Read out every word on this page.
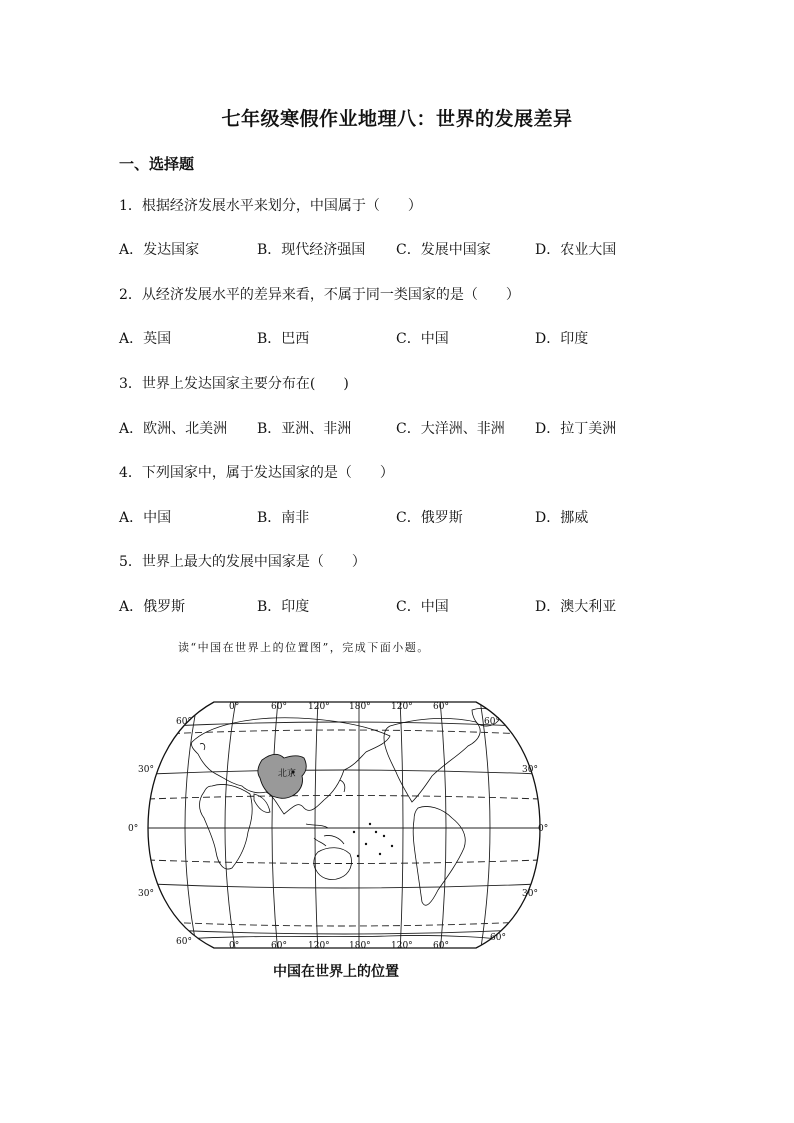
七年级寒假作业地理八：世界的发展差异
一、选择题
1．根据经济发展水平来划分，中国属于（　　）
A．发达国家	B．现代经济强国 C．发展中国家	D．农业大国
2．从经济发展水平的差异来看，不属于同一类国家的是（　　）
A．英国	B．巴西	C．中国	D．印度
3．世界上发达国家主要分布在(　　)
A．欧洲、北美洲 B．亚洲、非洲	C．大洋洲、非洲 D．拉丁美洲
4．下列国家中，属于发达国家的是（　　）
A．中国	B．南非	C．俄罗斯	D．挪威
5．世界上最大的发展中国家是（　　）
A．俄罗斯	B．印度	C．中国	D．澳大利亚
读“中国在世界上的位置图”，完成下面小题。
北京
0°	60° 120° 180° 120° 60°
0°	60° 120° 180° 120° 60°
60°
30°
0°
30°
60°
60°
30°
0°
30°
60°
中国在世界上的位置
